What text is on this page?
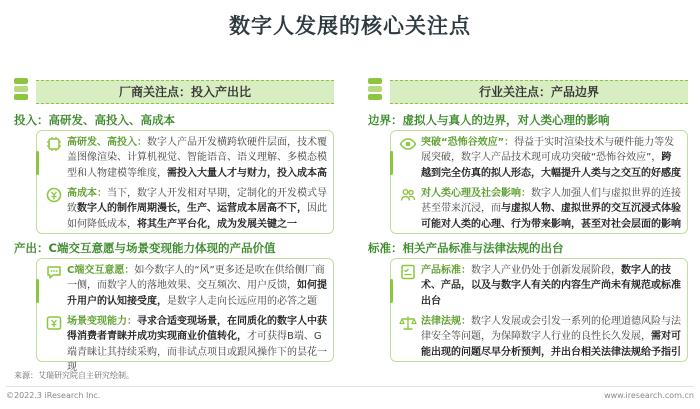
数字人发展的核心关注点
厂商关注点：投入产出比
投入：高研发、高投入、高成本
高研发、高投入：数字人产品开发横跨软硬件层面，技术覆盖图像渲染、计算机视觉、智能语音、语义理解、多模态模型和人物建模等维度，需投入大量人才与财力，投入成本高
高成本：当下，数字人开发相对早期，定制化的开发模式导致数字人的制作周期漫长，生产、运营成本居高不下，因此如何降低成本，将其生产平台化，成为发展关键之一
产出：C端交互意愿与场景变现能力体现的产品价值
C端交互意愿：如今数字人的“风”更多还是吹在供给侧厂商一侧，而数字人的落地效果、交互频次、用户反馈，如何提升用户的认知接受度，是数字人走向长远应用的必答之题
场景变现能力：寻求合适变现场景，在同质化的数字人中获得消费者青睐并成功实现商业价值转化，才可获得B端、G端青睐让其持续采购，而非试点项目或跟风操作下的昙花一现
行业关注点：产品边界
边界：虚拟人与真人的边界，对人类心理的影响
突破“恐怖谷效应”：得益于实时渲染技术与硬件能力等发展突破，数字人产品技术现可成功突破“恐怖谷效应”，跨越到完全仿真的拟人形态，大幅提升人类与之交互的好感度
对人类心理及社会影响：数字人加强人们与虚拟世界的连接甚至带来沉浸，而与虚拟人物、虚拟世界的交互沉浸式体验可能对人类的心理、行为带来影响，甚至对社会层面的影响
标准：相关产品标准与法律法规的出台
产品标准：数字人产业仍处于创新发展阶段，数字人的技术、产品，以及与数字人有关的内容生产尚未有规范或标准出台
法律法规：数字人发展或会引发一系列的伦理道德风险与法律安全等问题，为保障数字人行业的良性长久发展，需对可能出现的问题尽早分析预判，并出台相关法律法规给予指引
来源：艾瑞研究院自主研究绘制。
©2022.3 iResearch Inc.	www.iresearch.com.cn
